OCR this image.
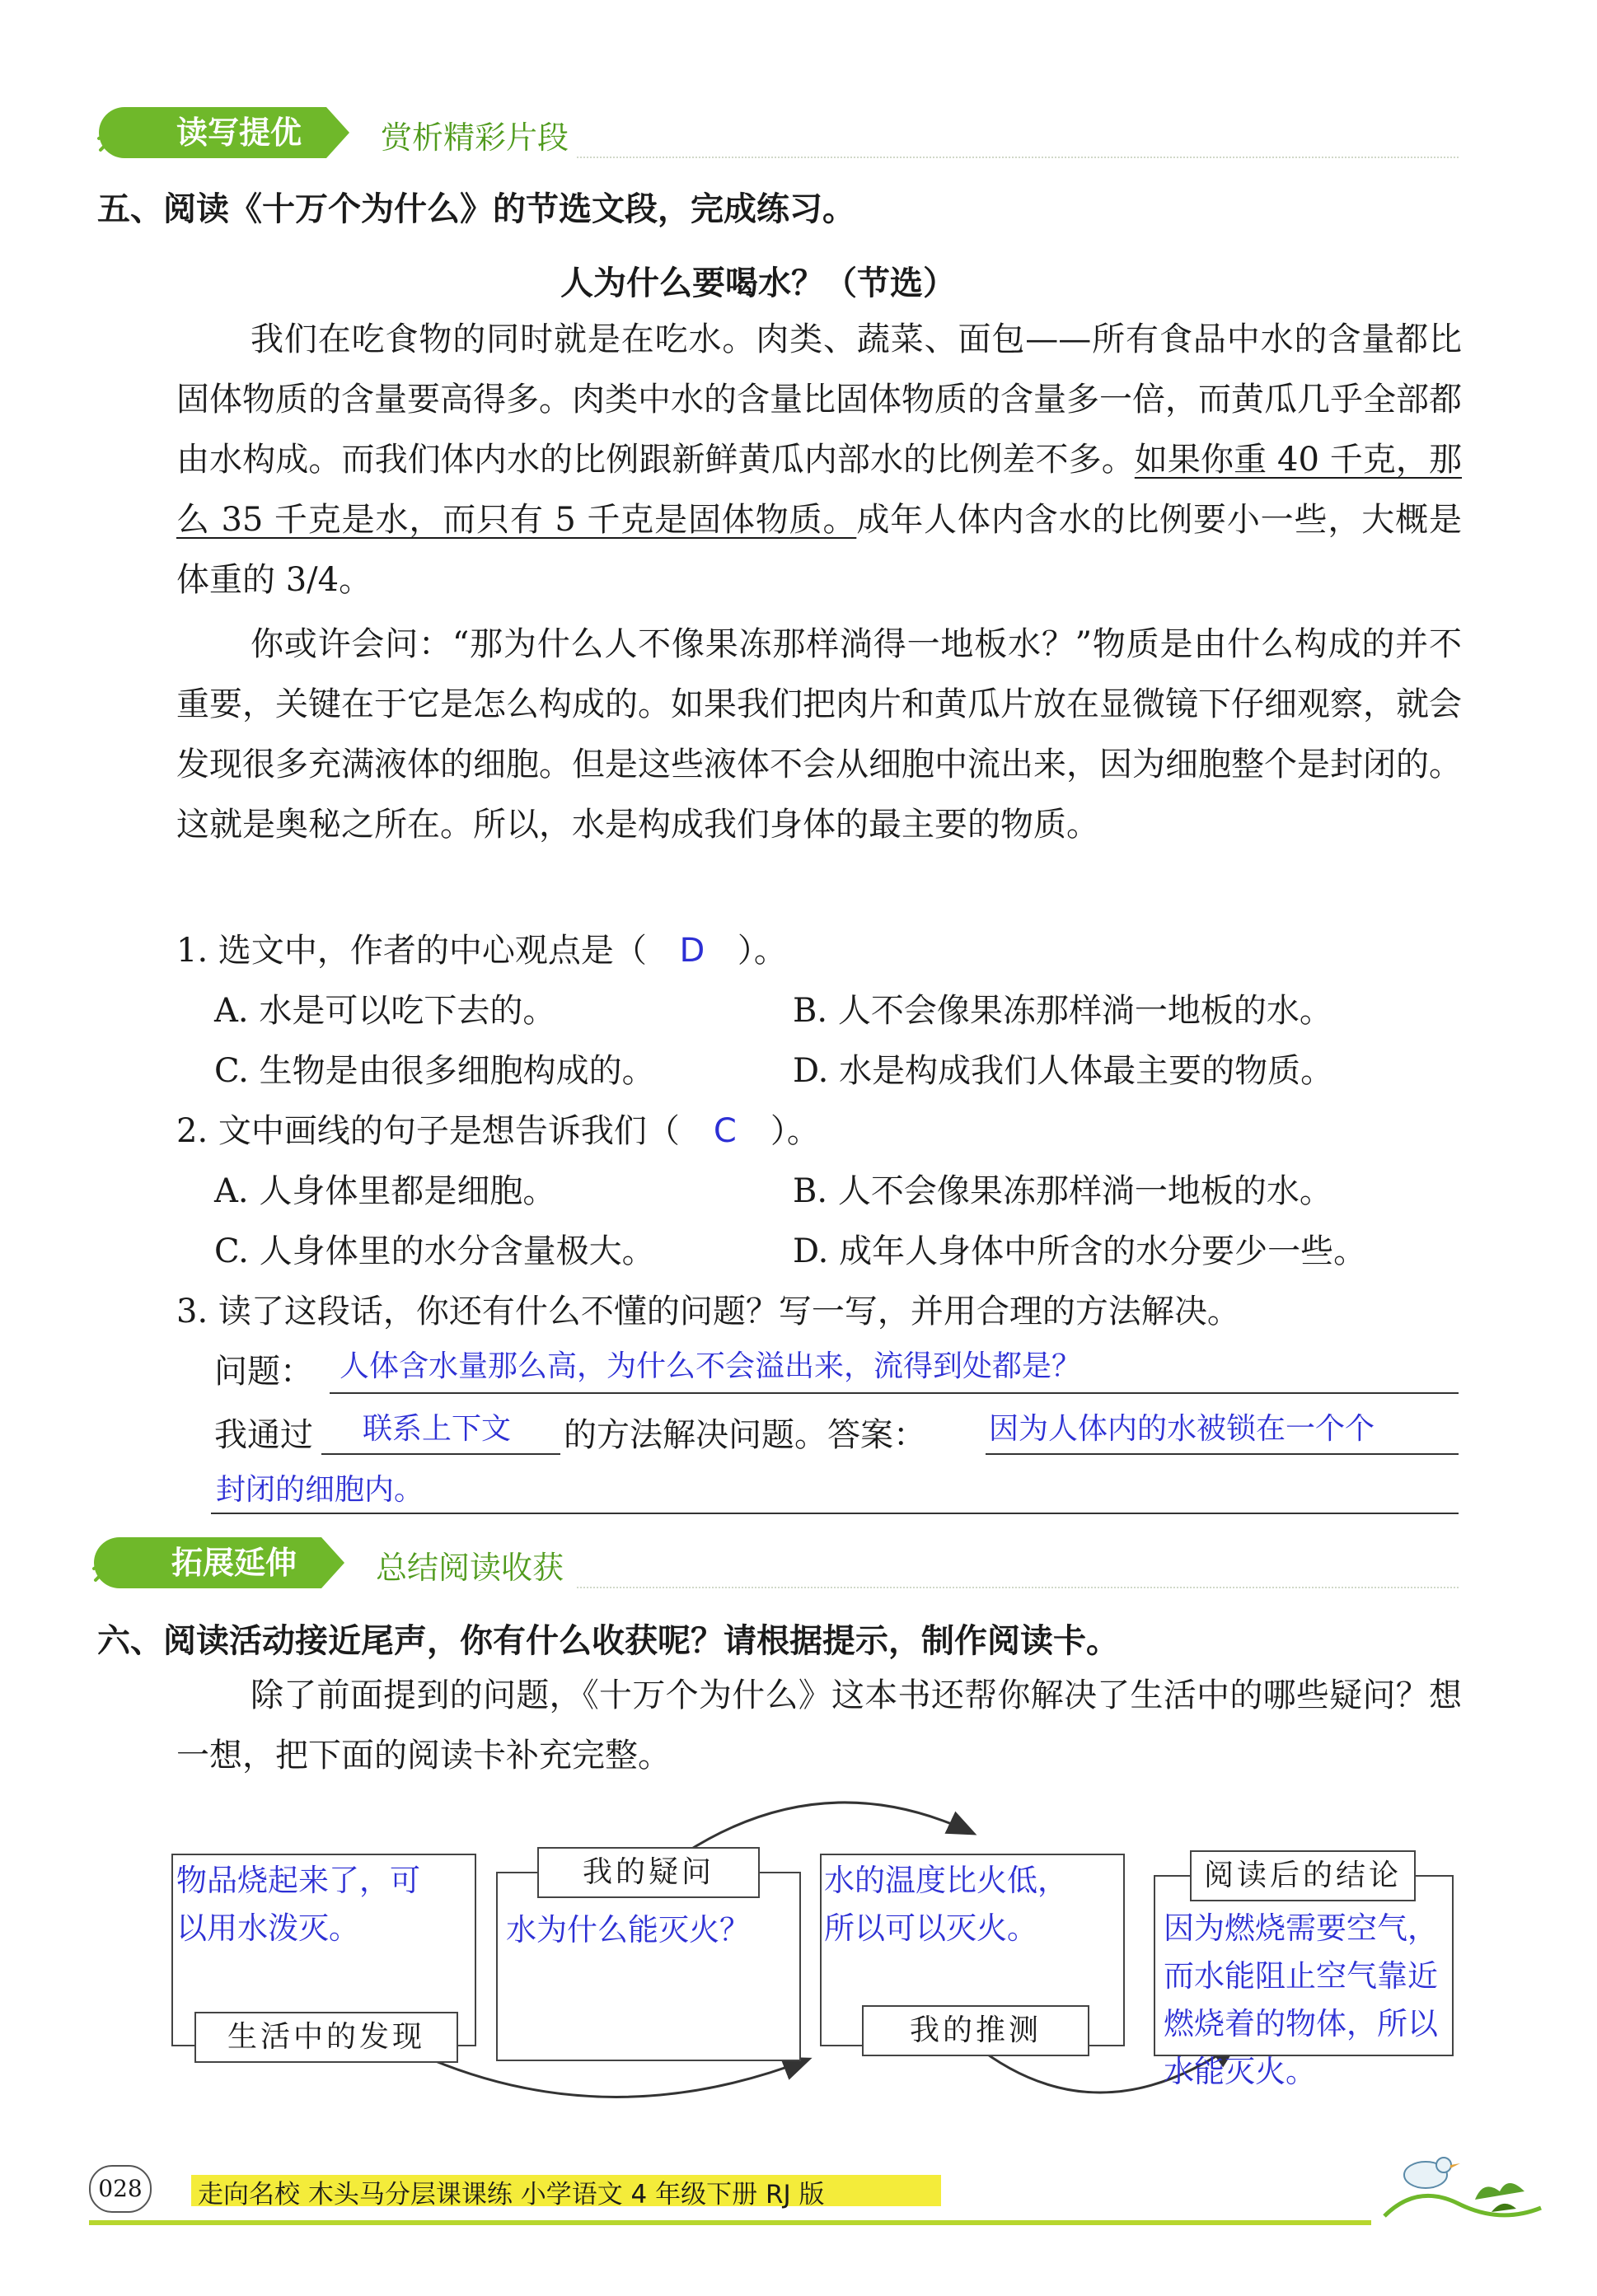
读写提优	赏析精彩片段
五、阅读《十万个为什么》的节选文段，完成练习。
人为什么要喝水？（节选）
我们在吃食物的同时就是在吃水。肉类、蔬菜、面包——所有食品中水的含量都比固体物质的含量要高得多。肉类中水的含量比固体物质的含量多一倍，而黄瓜几乎全部都由水构成。而我们体内水的比例跟新鲜黄瓜内部水的比例差不多。如果你重 40 千克，那么 35 千克是水，而只有 5 千克是固体物质。成年人体内含水的比例要小一些，大概是体重的 3/4。
你或许会问：“那为什么人不像果冻那样淌得一地板水？”物质是由什么构成的并不重要，关键在于它是怎么构成的。如果我们把肉片和黄瓜片放在显微镜下仔细观察，就会发现很多充满液体的细胞。但是这些液体不会从细胞中流出来，因为细胞整个是封闭的。这就是奥秘之所在。所以，水是构成我们身体的最主要的物质。
1. 选文中，作者的中心观点是（ D ）。
A. 水是可以吃下去的。	B. 人不会像果冻那样淌一地板的水。
C. 生物是由很多细胞构成的。	D. 水是构成我们人体最主要的物质。
2. 文中画线的句子是想告诉我们（ C ）。
A. 人身体里都是细胞。	B. 人不会像果冻那样淌一地板的水。
C. 人身体里的水分含量极大。	D. 成年人身体中所含的水分要少一些。
3. 读了这段话，你还有什么不懂的问题？写一写，并用合理的方法解决。
问题： 人体含水量那么高，为什么不会溢出来，流得到处都是？
我通过 联系上下文 的方法解决问题。答案： 因为人体内的水被锁在一个个
封闭的细胞内。
拓展延伸	总结阅读收获
六、阅读活动接近尾声，你有什么收获呢？请根据提示，制作阅读卡。
除了前面提到的问题，《十万个为什么》这本书还帮你解决了生活中的哪些疑问？想一想，把下面的阅读卡补充完整。
物品烧起来了，可
以用水泼灭。
生活中的发现
我的疑问
水为什么能灭火？
水的温度比火低，
所以可以灭火。
我的推测
阅读后的结论
因为燃烧需要空气，
而水能阻止空气靠近
燃烧着的物体，所以
水能灭火。
028	走向名校 木头马分层课课练 小学语文 4 年级下册 RJ 版
